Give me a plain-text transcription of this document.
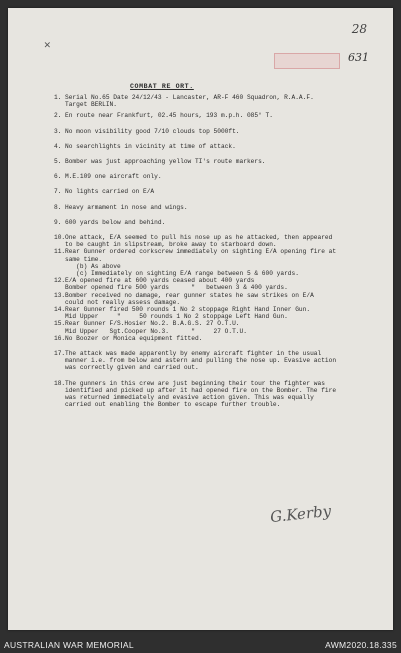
✕
28
631
COMBAT RE ORT.
1. Serial No.65 Date 24/12/43 - Lancaster, AR-F 460 Squadron, R.A.A.F.
Target BERLIN.
2. En route near Frankfurt, 02.45 hours, 193 m.p.h. 085° T.
3. No moon visibility good 7/10 clouds top 5000ft.
4. No searchlights in vicinity at time of attack.
5. Bomber was just approaching yellow TI's route markers.
6. M.E.109 one aircraft only.
7. No lights carried on E/A
8. Heavy armament in nose and wings.
9. 600 yards below and behind.
10. One attack, E/A seemed to pull his nose up as he attacked, then appeared
to be caught in slipstream, broke away to starboard down.
11. Rear Gunner ordered corkscrew immediately on sighting E/A opening fire at
same time.
(b) As above
(c) Immediately on sighting E/A range between 5 & 600 yards.
12. E/A opened fire at 600 yards ceased about 400 yards
Bomber opened fire 500 yards      "   between 3 & 400 yards.
13. Bomber received no damage, rear gunner states he saw strikes on E/A
could not really assess damage.
14. Rear Gunner fired 500 rounds 1 No 2 stoppage Right Hand Inner Gun.
Mid Upper     "     50 rounds 1 No 2 stoppage Left Hand Gun.
15. Rear Gunner F/S.Hosier No.2. B.A.G.S. 27 O.T.U.
Mid Upper   Sgt.Cooper No.3.      "     27 O.T.U.
16. No Boozer or Monica equipment fitted.
17. The attack was made apparently by enemy aircraft fighter in the usual
manner i.e. from below and astern and pulling the nose up. Evasive action
was correctly given and carried out.
18. The gunners in this crew are just beginning their tour the fighter was
identified and picked up after it had opened fire on the Bomber. The fire
was returned immediately and evasive action given. This was equally
carried out enabling the Bomber to escape further trouble.
G.Kerby
AUSTRALIAN WAR MEMORIAL	AWM2020.18.335
